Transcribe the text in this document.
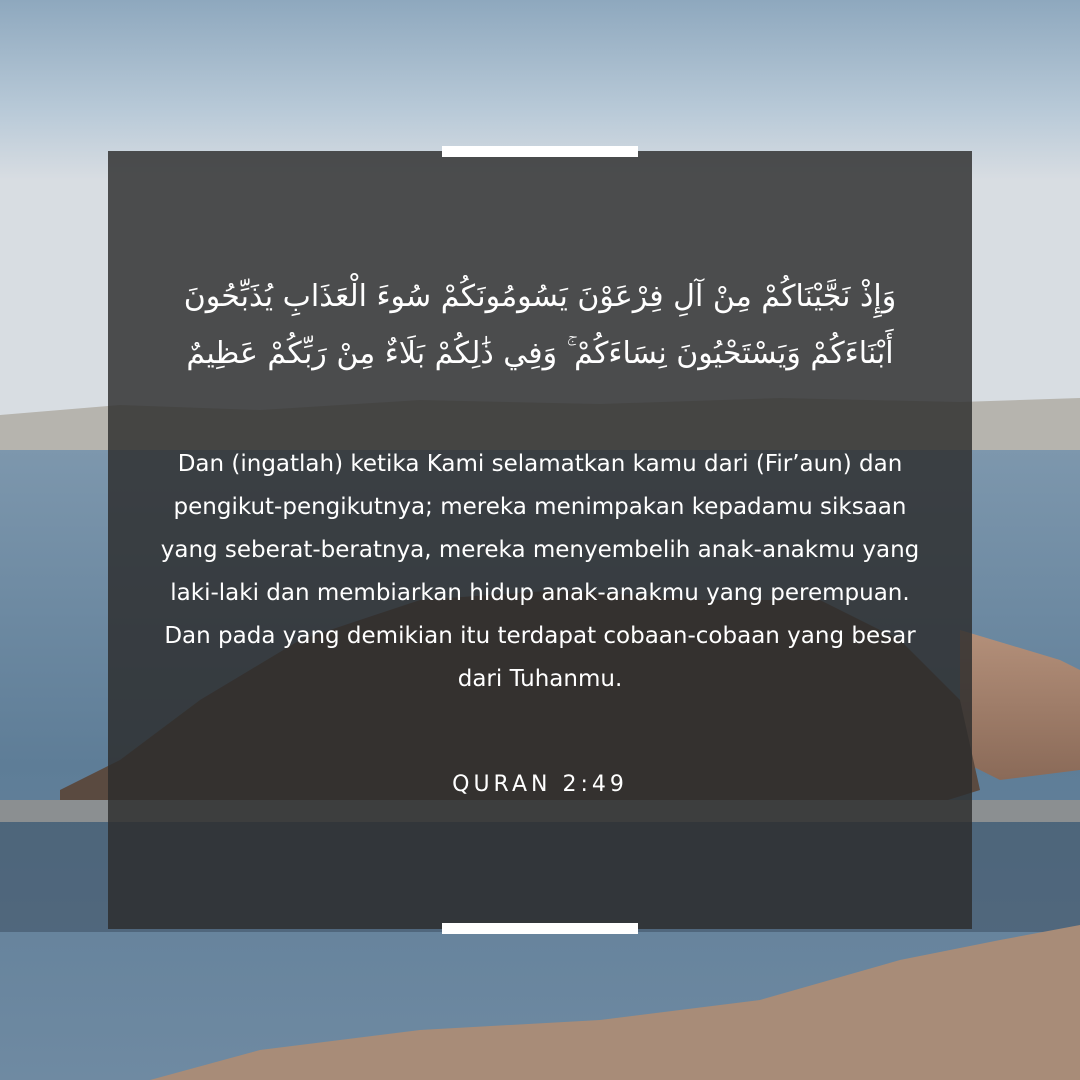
وَإِذْ نَجَّيْنَاكُمْ مِنْ آلِ فِرْعَوْنَ يَسُومُونَكُمْ سُوءَ الْعَذَابِ يُذَبِّحُونَ أَبْنَاءَكُمْ وَيَسْتَحْيُونَ نِسَاءَكُمْ ۚ وَفِي ذَٰلِكُمْ بَلَاءٌ مِنْ رَبِّكُمْ عَظِيمٌ
Dan (ingatlah) ketika Kami selamatkan kamu dari (Fir’aun) dan pengikut-pengikutnya; mereka menimpakan kepadamu siksaan yang seberat-beratnya, mereka menyembelih anak-anakmu yang laki-laki dan membiarkan hidup anak-anakmu yang perempuan. Dan pada yang demikian itu terdapat cobaan-cobaan yang besar dari Tuhanmu.
QURAN 2:49
